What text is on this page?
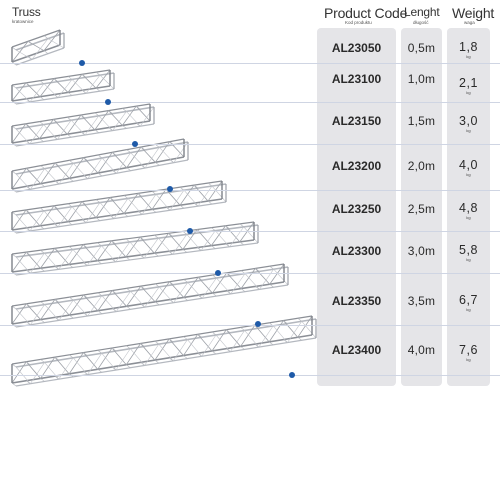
Truss
kratownice
Product Code
Kod produktu
Lenght
długość
Weight
waga
AL23050	0,5m	1,8
kg
AL23100	1,0m	2,1
kg
AL23150	1,5m	3,0
kg
AL23200	2,0m	4,0
kg
AL23250	2,5m	4,8
kg
AL23300	3,0m	5,8
kg
AL23350	3,5m	6,7
kg
AL23400	4,0m	7,6
kg
